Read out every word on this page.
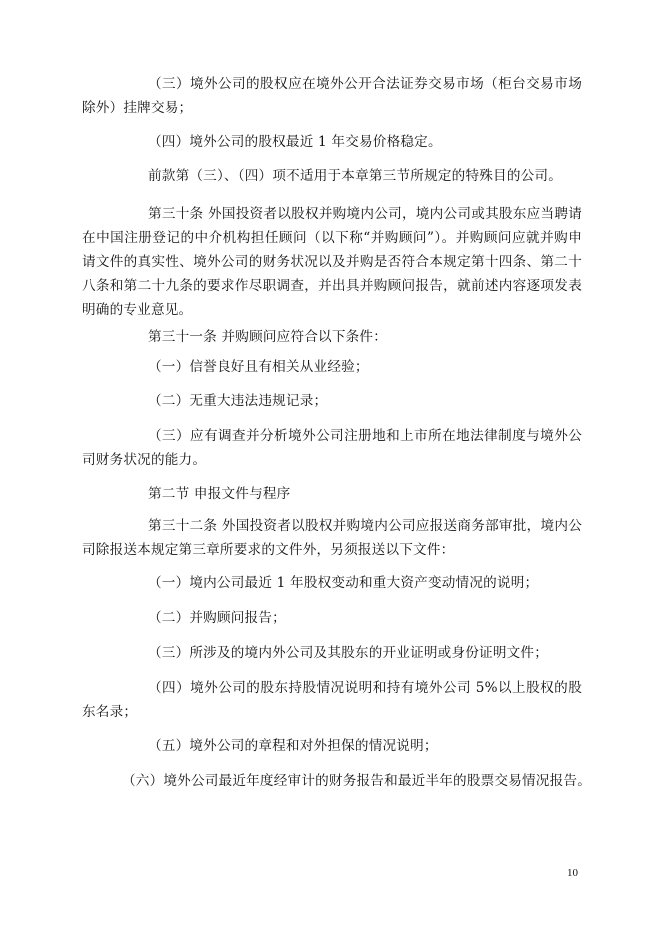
（三）境外公司的股权应在境外公开合法证券交易市场（柜台交易市场除外）挂牌交易；

（四）境外公司的股权最近 1 年交易价格稳定。

前款第（三）、（四）项不适用于本章第三节所规定的特殊目的公司。

第三十条 外国投资者以股权并购境内公司，境内公司或其股东应当聘请在中国注册登记的中介机构担任顾问（以下称“并购顾问”）。并购顾问应就并购申请文件的真实性、境外公司的财务状况以及并购是否符合本规定第十四条、第二十八条和第二十九条的要求作尽职调查，并出具并购顾问报告，就前述内容逐项发表明确的专业意见。

第三十一条 并购顾问应符合以下条件：

（一）信誉良好且有相关从业经验；

（二）无重大违法违规记录；

（三）应有调查并分析境外公司注册地和上市所在地法律制度与境外公司财务状况的能力。

第二节 申报文件与程序

第三十二条 外国投资者以股权并购境内公司应报送商务部审批，境内公司除报送本规定第三章所要求的文件外，另须报送以下文件：

（一）境内公司最近 1 年股权变动和重大资产变动情况的说明；

（二）并购顾问报告；

（三）所涉及的境内外公司及其股东的开业证明或身份证明文件；

（四）境外公司的股东持股情况说明和持有境外公司 5%以上股权的股东名录；

（五）境外公司的章程和对外担保的情况说明；

（六）境外公司最近年度经审计的财务报告和最近半年的股票交易情况报告。

10
